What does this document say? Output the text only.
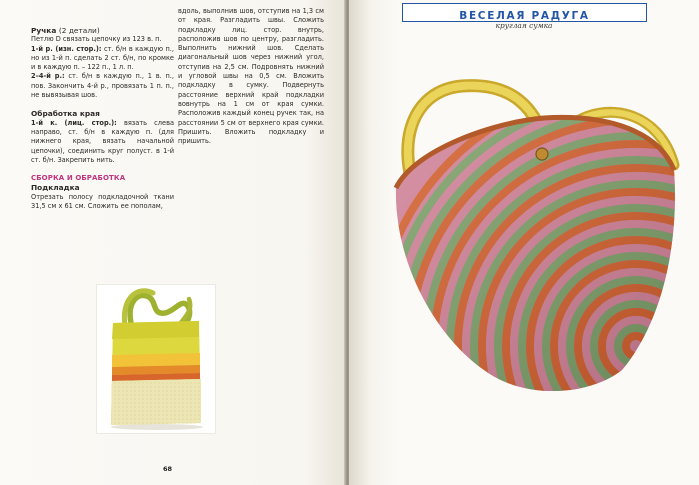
Ручка (2 детали)

Петлю D связать цепочку из 123 в. п.

1-й р. (изн. стор.): ст. б/н в каждую п., но из 1-й п. сделать 2 ст. б/н, по кромке и в каждую п. – 122 п., 1 л. п.

2–4-й р.: ст. б/н в каждую п., 1 в. п., пов. Закончить 4-й р., провязать 1 п. п., не вывязывая шов.

Обработка края

1-й к. (лиц. стор.): вязать слева направо, ст. б/н в каждую п. (для нижнего края, вязать начальной цепочки), соединить круг полуст. в 1-й ст. б/н. Закрепить нить.

СБОРКА И ОБРАБОТКА

Подкладка

Отрезать полосу подкладочной ткани 31,5 см х 61 см. Сложить ее пополам,

вдоль, выполнив шов, отступив на 1,3 см от края. Разгладить швы. Сложить подкладку лиц. стор. внутрь, расположив шов по центру, разгладить. Выполнить нижний шов. Сделать диагональный шов через нижний угол, отступив на 2,5 см. Подровнять нижний и угловой швы на 0,5 см. Вложить подкладку в сумку. Подвернуть расстояние верхний край подкладки вовнутрь на 1 см от края сумки. Расположив каждый конец ручек так, на расстоянии 5 см от верхнего края сумки. Пришить. Вложить подкладку и пришить.

68
ВЕСЕЛАЯ РАДУГА
круглая сумка
